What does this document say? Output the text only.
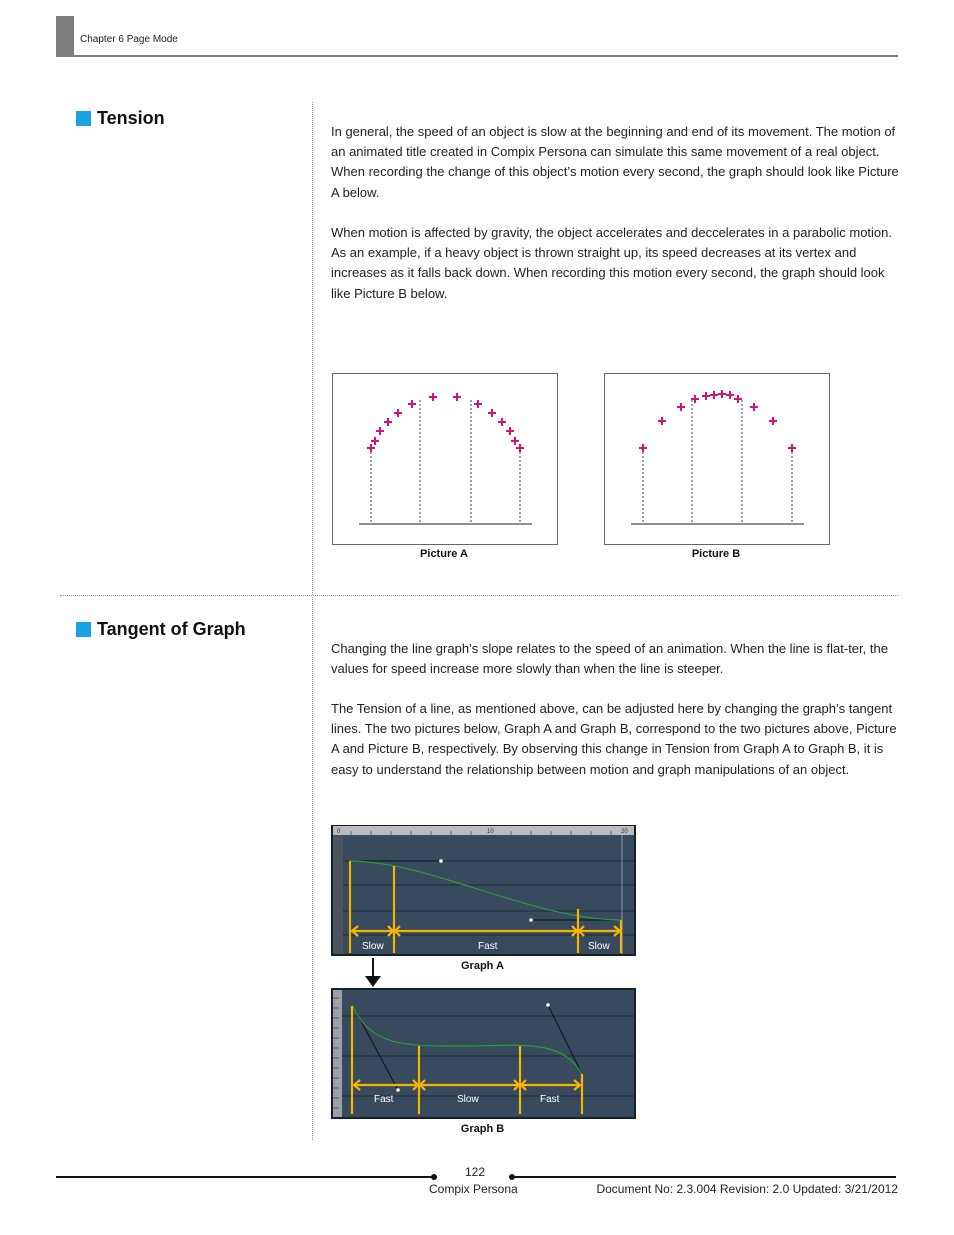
Chapter 6 Page Mode
Tension
In general, the speed of an object is slow at the beginning and end of its movement. The motion of an animated title created in Compix Persona can simulate this same movement of a real object. When recording the change of this object’s motion every second, the graph should look like Picture A below.
When motion is affected by gravity, the object accelerates and deccelerates in a parabolic motion. As an example, if a heavy object is thrown straight up, its speed decreases at its vertex and increases as it falls back down. When recording this motion every second, the graph should look like Picture B below.
Picture A	Picture B
Tangent of Graph
Changing the line graph’s slope relates to the speed of an animation. When the line is flat-ter, the values for speed increase more slowly than when the line is steeper.
The Tension of a line, as mentioned above, can be adjusted here by changing the graph’s tangent lines. The two pictures below, Graph A and Graph B, correspond to the two pictures above, Picture A and Picture B, respectively. By observing this change in Tension from Graph A to Graph B, it is easy to understand the relationship between motion and graph manipulations of an object.
0	10	20
Slow	Fast	Slow
Graph A
Fast	Slow	Fast
Graph B
122
Compix Persona	Document No: 2.3.004 Revision: 2.0 Updated: 3/21/2012
